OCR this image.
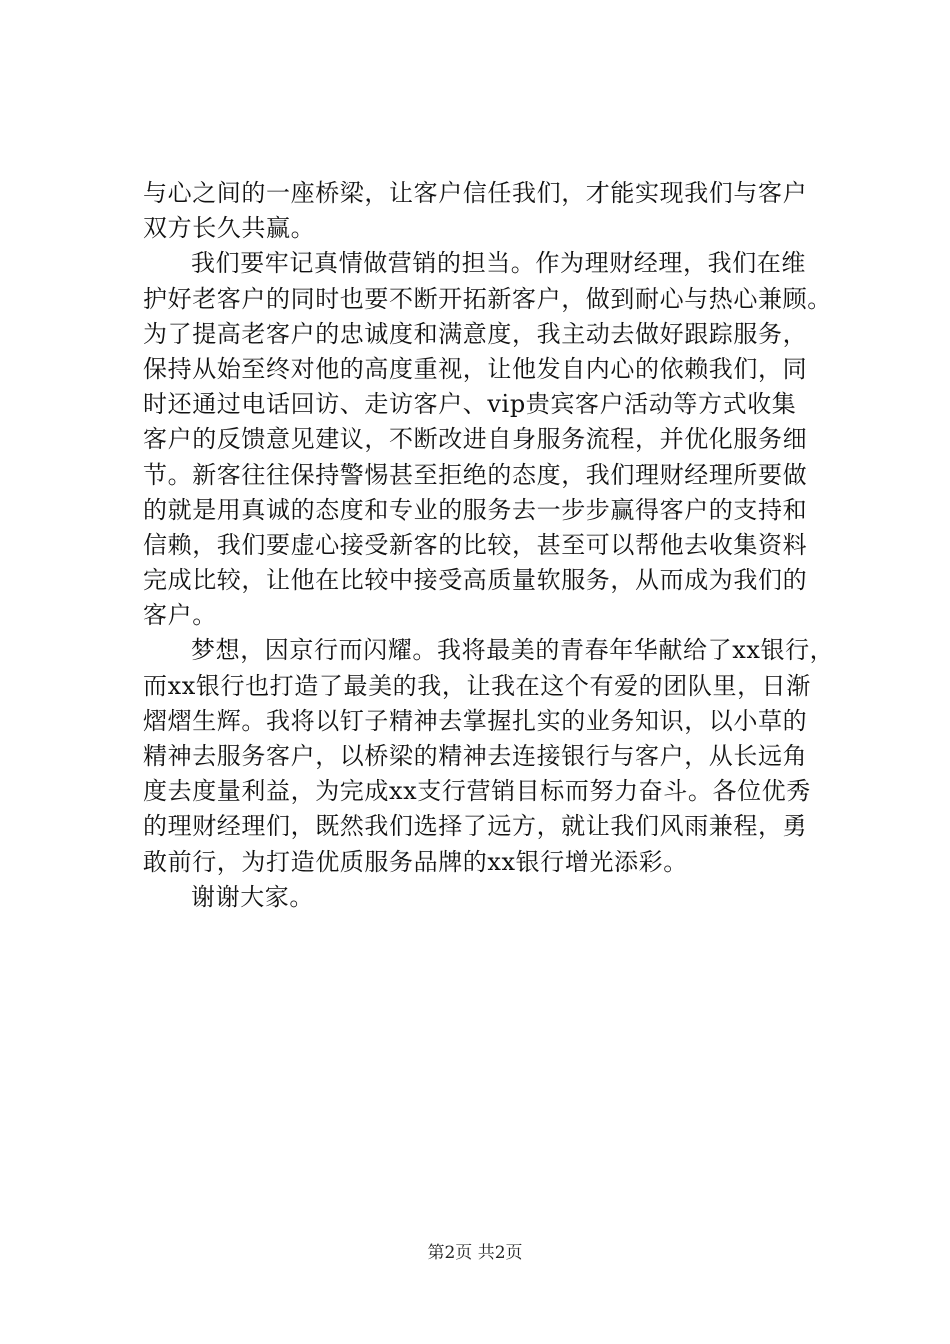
与心之间的一座桥梁，让客户信任我们，才能实现我们与客户
双方长久共赢。
我们要牢记真情做营销的担当。作为理财经理，我们在维
护好老客户的同时也要不断开拓新客户，做到耐心与热心兼顾。
为了提高老客户的忠诚度和满意度，我主动去做好跟踪服务，
保持从始至终对他的高度重视，让他发自内心的依赖我们，同
时还通过电话回访、走访客户、vip贵宾客户活动等方式收集
客户的反馈意见建议，不断改进自身服务流程，并优化服务细
节。新客往往保持警惕甚至拒绝的态度，我们理财经理所要做
的就是用真诚的态度和专业的服务去一步步赢得客户的支持和
信赖，我们要虚心接受新客的比较，甚至可以帮他去收集资料
完成比较，让他在比较中接受高质量软服务，从而成为我们的
客户。
梦想，因京行而闪耀。我将最美的青春年华献给了xx银行，
而xx银行也打造了最美的我，让我在这个有爱的团队里，日渐
熠熠生辉。我将以钉子精神去掌握扎实的业务知识，以小草的
精神去服务客户，以桥梁的精神去连接银行与客户，从长远角
度去度量利益，为完成xx支行营销目标而努力奋斗。各位优秀
的理财经理们，既然我们选择了远方，就让我们风雨兼程，勇
敢前行，为打造优质服务品牌的xx银行增光添彩。
谢谢大家。
第2页 共2页
